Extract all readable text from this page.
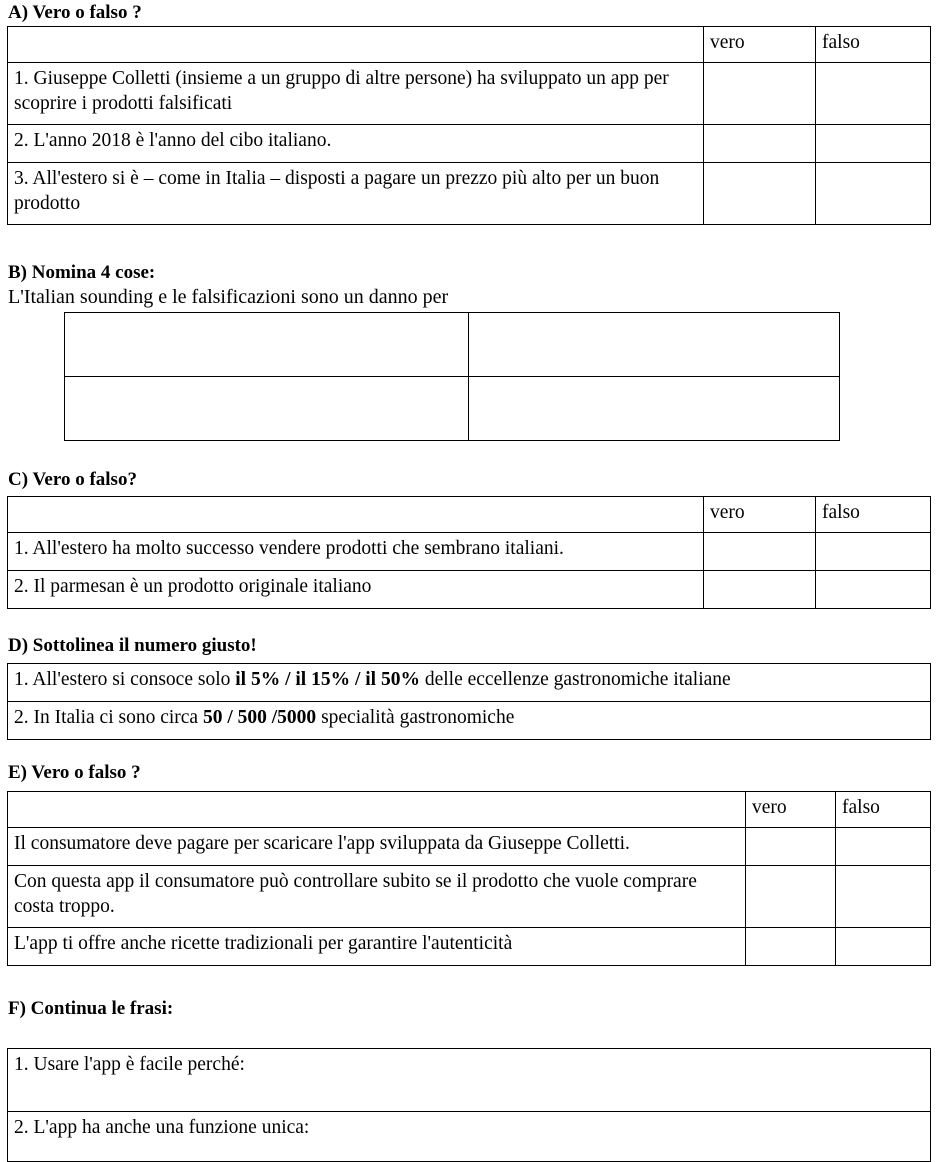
A) Vero o falso ?
	vero	falso
1. Giuseppe Colletti (insieme a un gruppo di altre persone) ha sviluppato un app per scoprire i prodotti falsificati		
2. L'anno 2018 è l'anno del cibo italiano.		
3. All'estero si è – come in Italia – disposti a pagare un prezzo più alto per un buon prodotto		
B) Nomina 4 cose:
L'Italian sounding e le falsificazioni sono un danno per

C) Vero o falso?
	vero	falso
1. All'estero ha molto successo vendere prodotti che sembrano italiani.		
2. Il parmesan è un prodotto originale italiano		
D) Sottolinea il numero giusto!
1. All'estero si consoce solo il 5% / il 15% / il 50% delle eccellenze gastronomiche italiane
2. In Italia ci sono circa 50 / 500 /5000 specialità gastronomiche
E) Vero o falso ?
	vero	falso
Il consumatore deve pagare per scaricare l'app sviluppata da Giuseppe Colletti.		
Con questa app il consumatore può controllare subito se il prodotto che vuole comprare costa troppo.		
L'app ti offre anche ricette tradizionali per garantire l'autenticità		
F) Continua le frasi:
1. Usare l'app è facile perché:
2. L'app ha anche una funzione unica:
